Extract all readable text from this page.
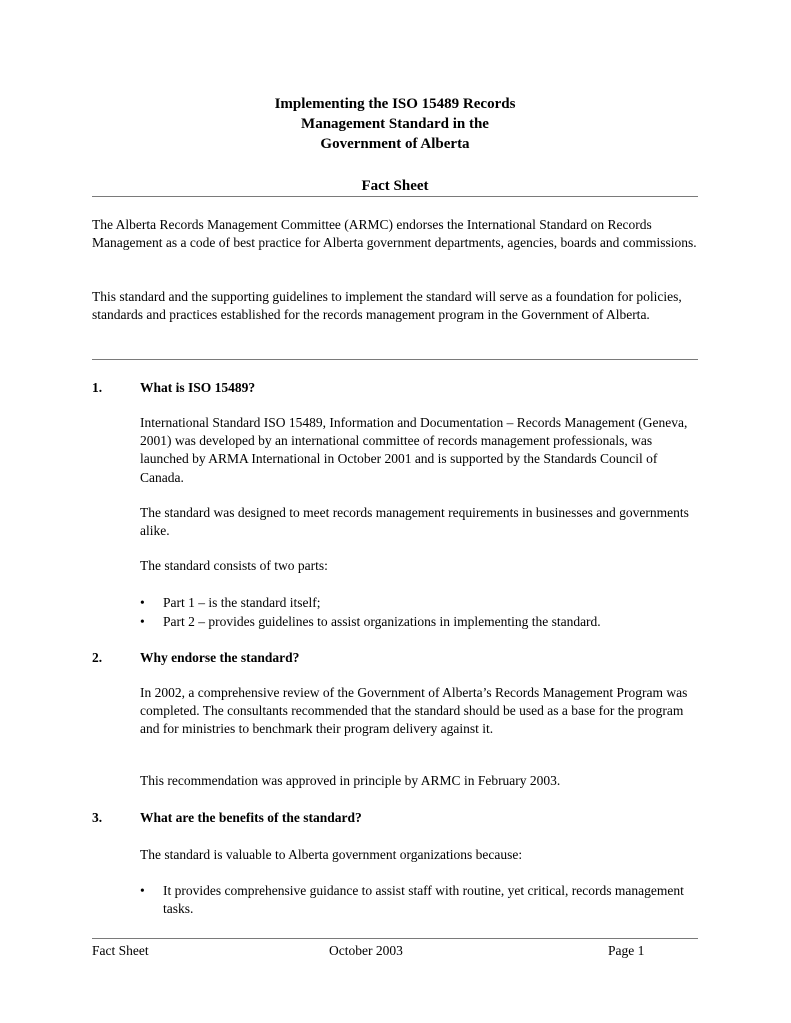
Implementing the ISO 15489 Records
Management Standard in the
Government of Alberta
Fact Sheet

The Alberta Records Management Committee (ARMC) endorses the International Standard on Records Management as a code of best practice for Alberta government departments, agencies, boards and commissions.

This standard and the supporting guidelines to implement the standard will serve as a foundation for policies, standards and practices established for the records management program in the Government of Alberta.

1.	What is ISO 15489?

International Standard ISO 15489, Information and Documentation – Records Management (Geneva, 2001) was developed by an international committee of records management professionals, was launched by ARMA International in October 2001 and is supported by the Standards Council of Canada.

The standard was designed to meet records management requirements in businesses and governments alike.

The standard consists of two parts:

• Part 1 – is the standard itself;
• Part 2 – provides guidelines to assist organizations in implementing the standard.
2.	Why endorse the standard?

In 2002, a comprehensive review of the Government of Alberta’s Records Management Program was completed. The consultants recommended that the standard should be used as a base for the program and for ministries to benchmark their program delivery against it.

This recommendation was approved in principle by ARMC in February 2003.

3.	What are the benefits of the standard?

The standard is valuable to Alberta government organizations because:

• It provides comprehensive guidance to assist staff with routine, yet critical, records management tasks.
Fact Sheet	October 2003	Page 1
